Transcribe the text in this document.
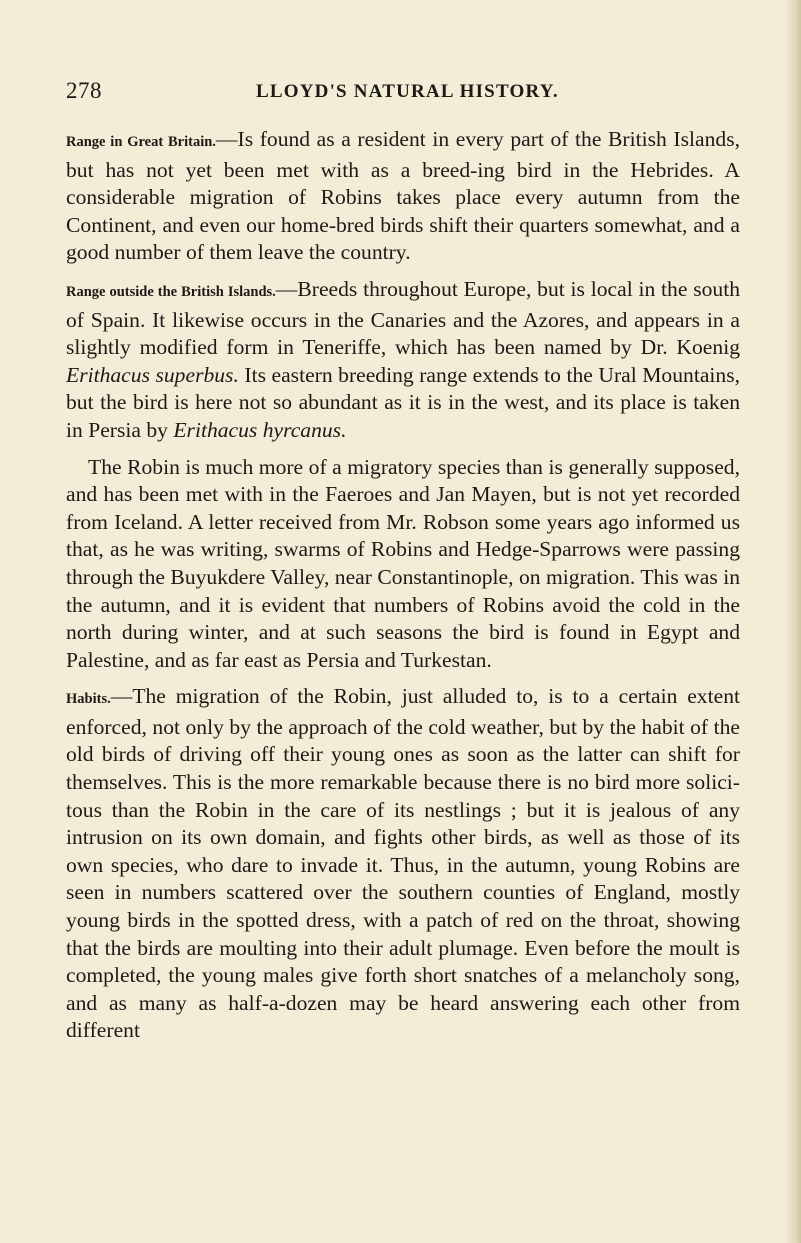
278	LLOYD'S NATURAL HISTORY.

Range in Great Britain.—Is found as a resident in every part of the British Islands, but has not yet been met with as a breed-ing bird in the Hebrides. A considerable migration of Robins takes place every autumn from the Continent, and even our home-bred birds shift their quarters somewhat, and a good number of them leave the country.

Range outside the British Islands.—Breeds throughout Europe, but is local in the south of Spain. It likewise occurs in the Canaries and the Azores, and appears in a slightly modified form in Teneriffe, which has been named by Dr. Koenig Erithacus superbus. Its eastern breeding range extends to the Ural Mountains, but the bird is here not so abundant as it is in the west, and its place is taken in Persia by Erithacus hyrcanus.

The Robin is much more of a migratory species than is generally supposed, and has been met with in the Faeroes and Jan Mayen, but is not yet recorded from Iceland. A letter received from Mr. Robson some years ago informed us that, as he was writing, swarms of Robins and Hedge-Sparrows were passing through the Buyukdere Valley, near Constantinople, on migration. This was in the autumn, and it is evident that numbers of Robins avoid the cold in the north during winter, and at such seasons the bird is found in Egypt and Palestine, and as far east as Persia and Turkestan.

Habits.—The migration of the Robin, just alluded to, is to a certain extent enforced, not only by the approach of the cold weather, but by the habit of the old birds of driving off their young ones as soon as the latter can shift for themselves. This is the more remarkable because there is no bird more solici-tous than the Robin in the care of its nestlings ; but it is jealous of any intrusion on its own domain, and fights other birds, as well as those of its own species, who dare to invade it. Thus, in the autumn, young Robins are seen in numbers scattered over the southern counties of England, mostly young birds in the spotted dress, with a patch of red on the throat, showing that the birds are moulting into their adult plumage. Even before the moult is completed, the young males give forth short snatches of a melancholy song, and as many as half-a-dozen may be heard answering each other from different
